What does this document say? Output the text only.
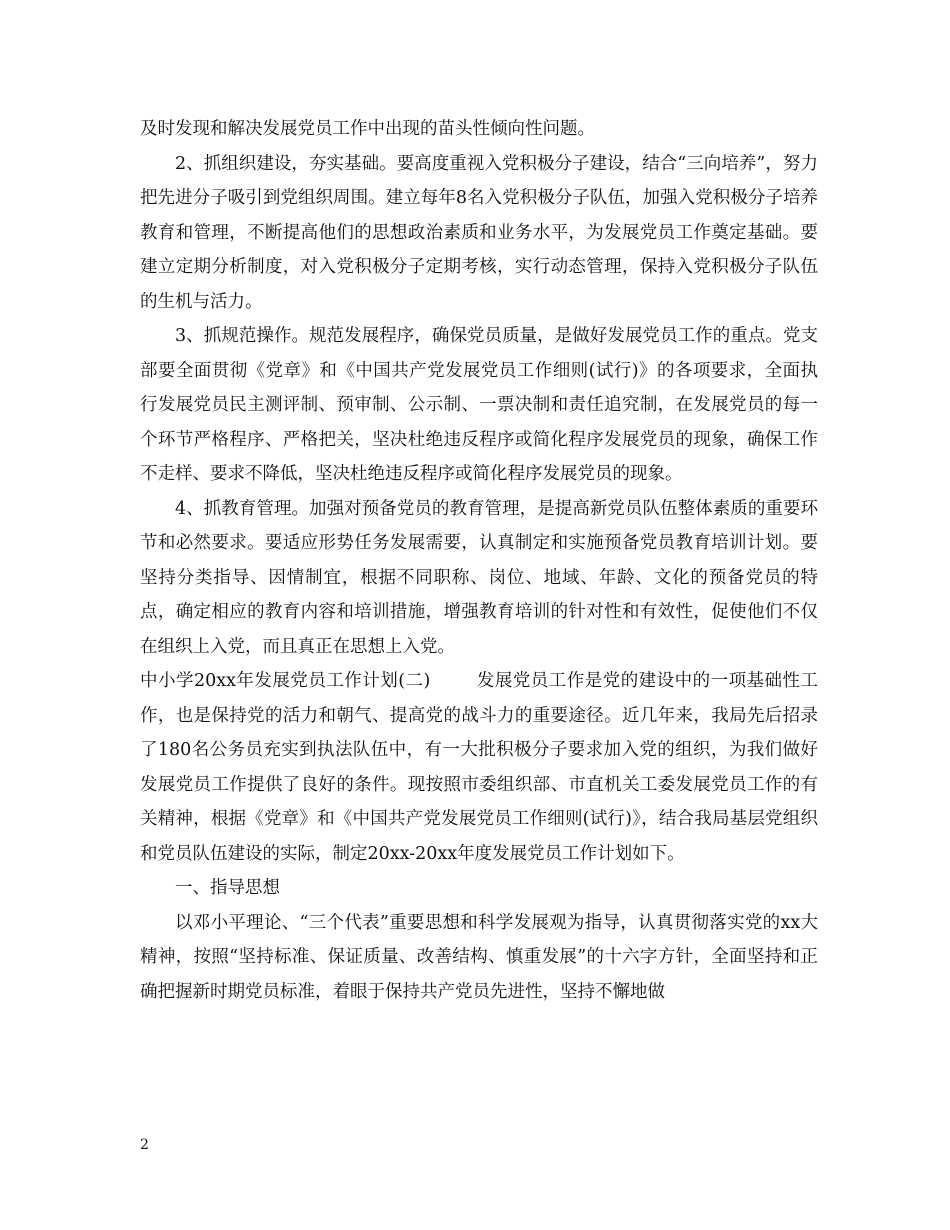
及时发现和解决发展党员工作中出现的苗头性倾向性问题。

2、抓组织建设，夯实基础。要高度重视入党积极分子建设，结合“三向培养”，努力把先进分子吸引到党组织周围。建立每年8名入党积极分子队伍，加强入党积极分子培养教育和管理，不断提高他们的思想政治素质和业务水平，为发展党员工作奠定基础。要建立定期分析制度，对入党积极分子定期考核，实行动态管理，保持入党积极分子队伍的生机与活力。

3、抓规范操作。规范发展程序，确保党员质量，是做好发展党员工作的重点。党支部要全面贯彻《党章》和《中国共产党发展党员工作细则(试行)》的各项要求，全面执行发展党员民主测评制、预审制、公示制、一票决制和责任追究制，在发展党员的每一个环节严格程序、严格把关，坚决杜绝违反程序或简化程序发展党员的现象，确保工作不走样、要求不降低，坚决杜绝违反程序或简化程序发展党员的现象。

4、抓教育管理。加强对预备党员的教育管理，是提高新党员队伍整体素质的重要环节和必然要求。要适应形势任务发展需要，认真制定和实施预备党员教育培训计划。要坚持分类指导、因情制宜，根据不同职称、岗位、地域、年龄、文化的预备党员的特点，确定相应的教育内容和培训措施，增强教育培训的针对性和有效性，促使他们不仅在组织上入党，而且真正在思想上入党。

中小学20xx年发展党员工作计划(二)	发展党员工作是党的建设中的一项基础性工作，也是保持党的活力和朝气、提高党的战斗力的重要途径。近几年来，我局先后招录了180名公务员充实到执法队伍中，有一大批积极分子要求加入党的组织，为我们做好发展党员工作提供了良好的条件。现按照市委组织部、市直机关工委发展党员工作的有关精神，根据《党章》和《中国共产党发展党员工作细则(试行)》，结合我局基层党组织和党员队伍建设的实际，制定20xx-20xx年度发展党员工作计划如下。

一、指导思想

以邓小平理论、“三个代表”重要思想和科学发展观为指导，认真贯彻落实党的xx大精神，按照“坚持标准、保证质量、改善结构、慎重发展”的十六字方针，全面坚持和正确把握新时期党员标准，着眼于保持共产党员先进性，坚持不懈地做

2
